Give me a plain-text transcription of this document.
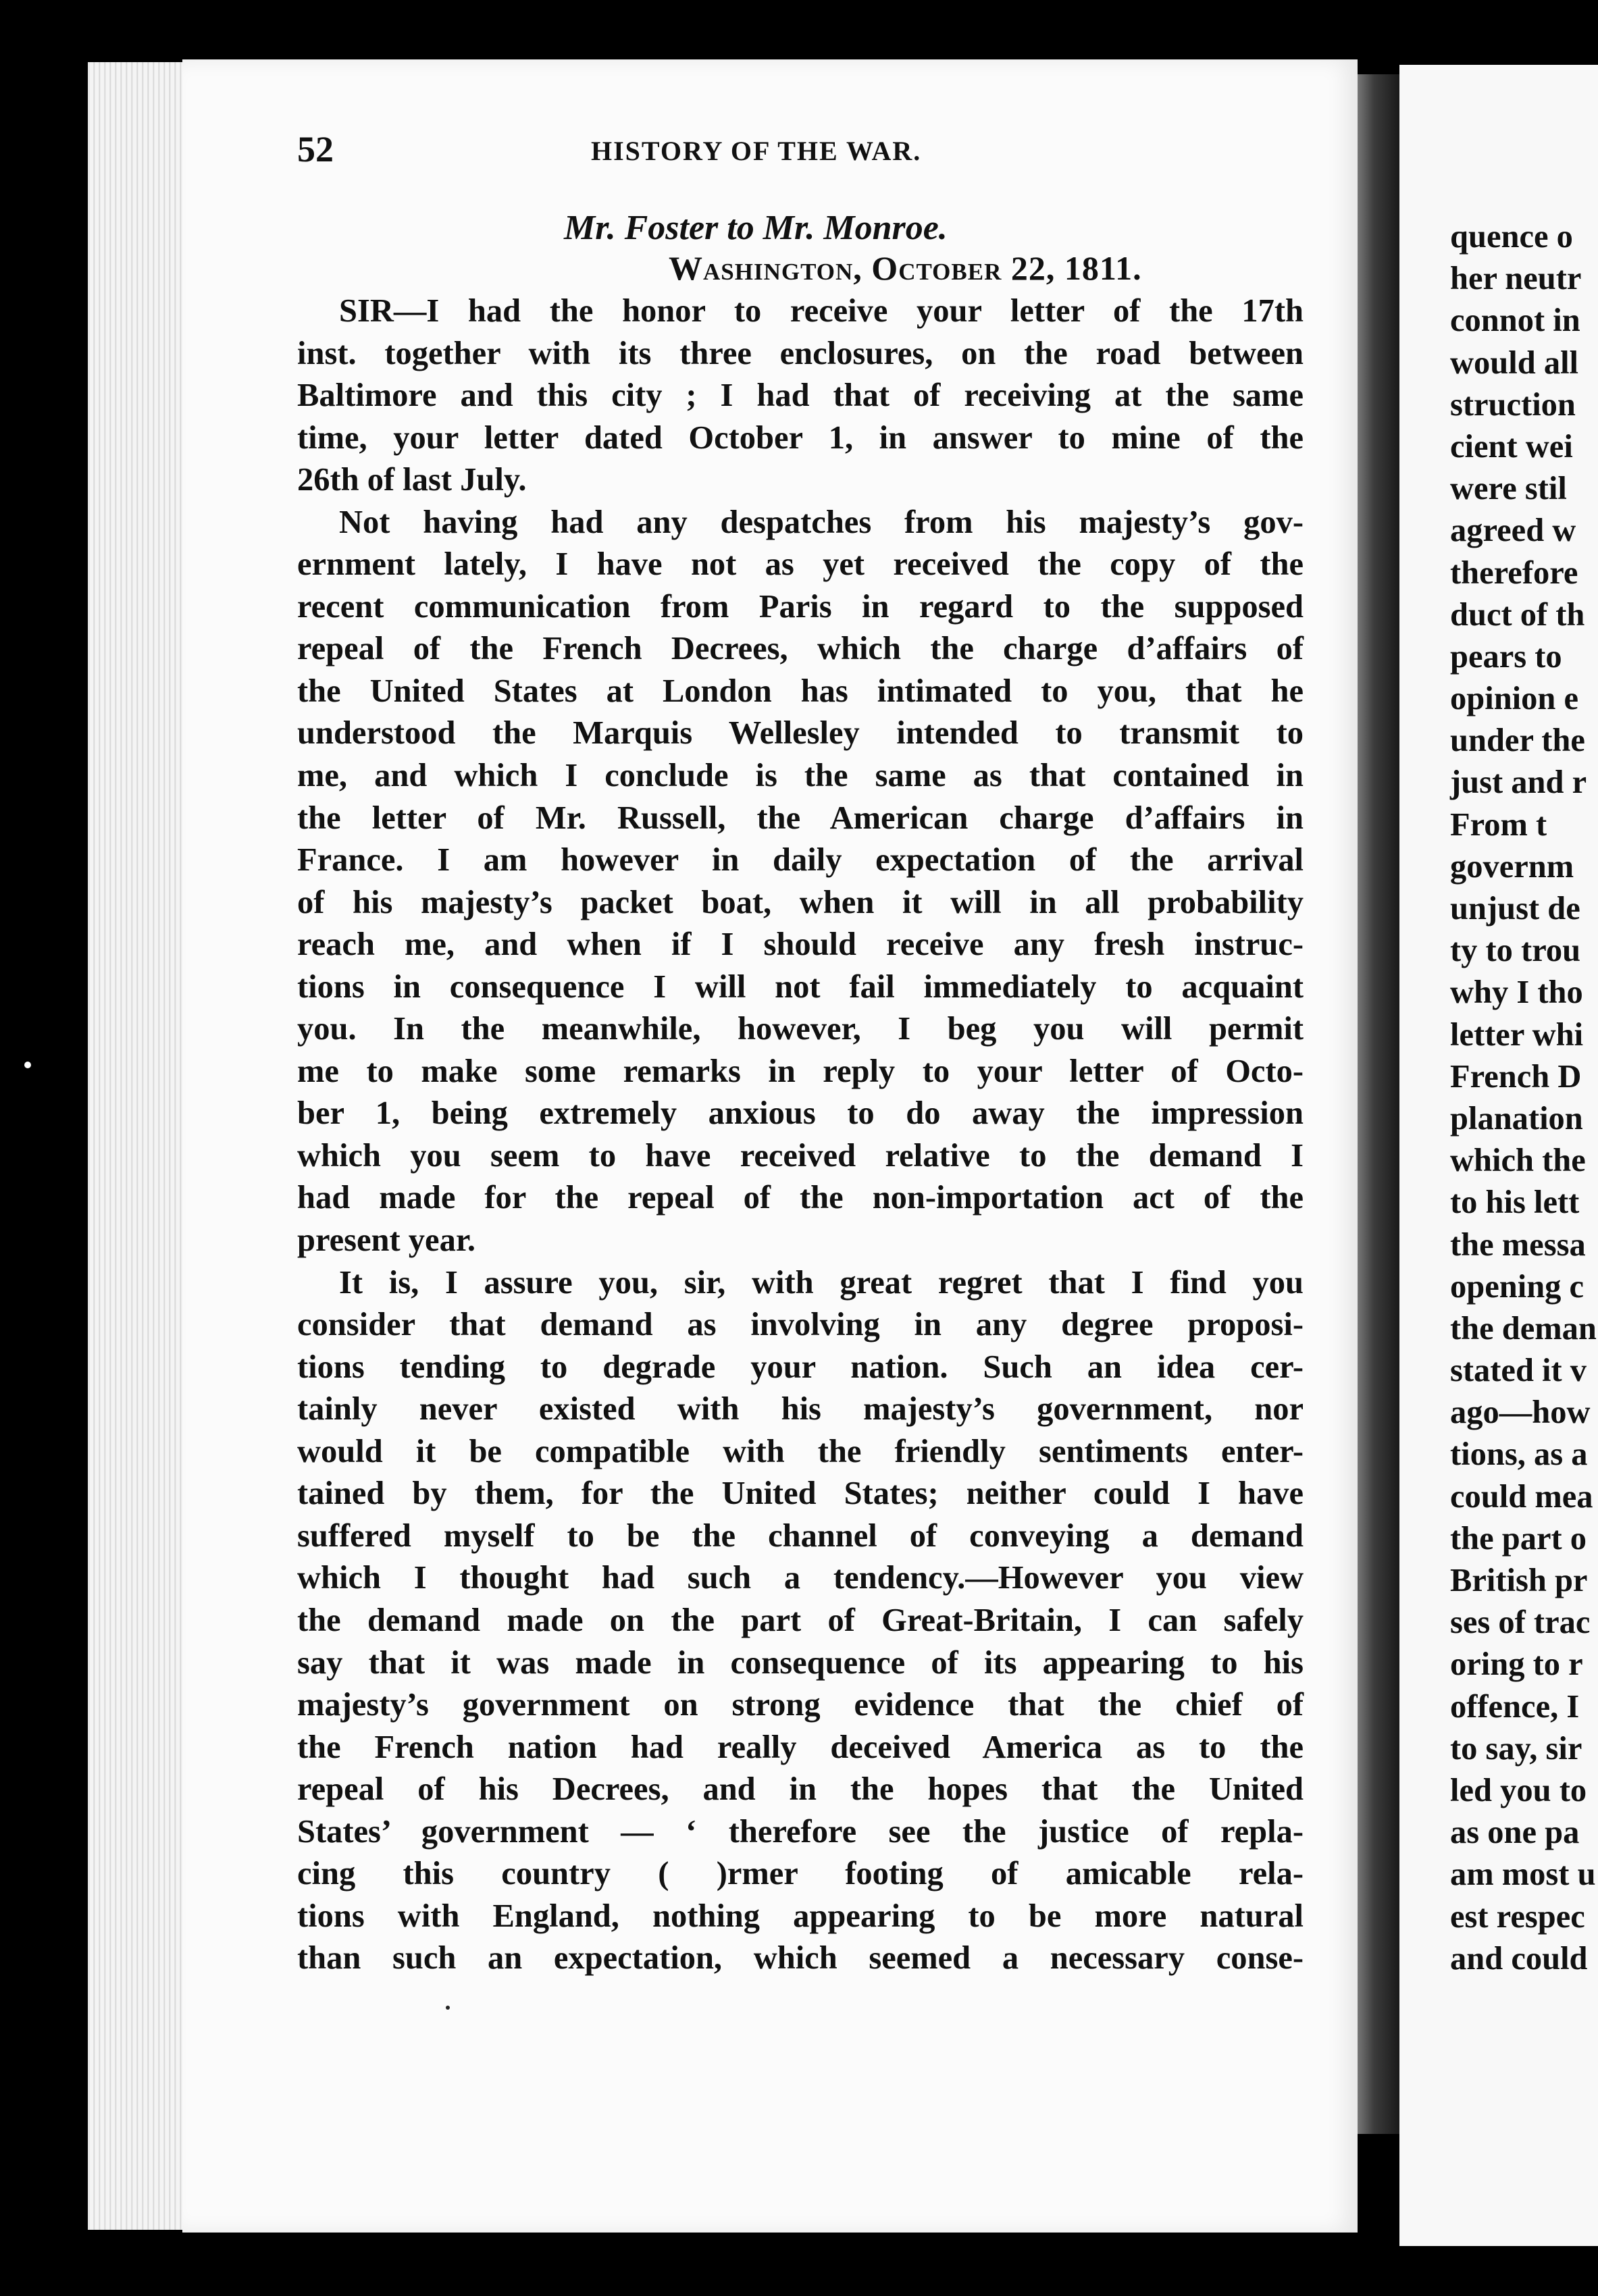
52	HISTORY OF THE WAR.
Mr. Foster to Mr. Monroe.
Washington, October 22, 1811.
SIR—I had the honor to receive your letter of the 17th
inst. together with its three enclosures, on the road between
Baltimore and this city ; I had that of receiving at the same
time, your letter dated October 1, in answer to mine of the
26th of last July.
Not having had any despatches from his majesty’s gov-
ernment lately, I have not as yet received the copy of the
recent communication from Paris in regard to the supposed
repeal of the French Decrees, which the charge d’affairs of
the United States at London has intimated to you, that he
understood the Marquis Wellesley intended to transmit to
me, and which I conclude is the same as that contained in
the letter of Mr. Russell, the American charge d’affairs in
France. I am however in daily expectation of the arrival
of his majesty’s packet boat, when it will in all probability
reach me, and when if I should receive any fresh instruc-
tions in consequence I will not fail immediately to acquaint
you. In the meanwhile, however, I beg you will permit
me to make some remarks in reply to your letter of Octo-
ber 1, being extremely anxious to do away the impression
which you seem to have received relative to the demand I
had made for the repeal of the non-importation act of the
present year.
It is, I assure you, sir, with great regret that I find you
consider that demand as involving in any degree proposi-
tions tending to degrade your nation. Such an idea cer-
tainly never existed with his majesty’s government, nor
would it be compatible with the friendly sentiments enter-
tained by them, for the United States; neither could I have
suffered myself to be the channel of conveying a demand
which I thought had such a tendency.—However you view
the demand made on the part of Great-Britain, I can safely
say that it was made in consequence of its appearing to his
majesty’s government on strong evidence that the chief of
the French nation had really deceived America as to the
repeal of his Decrees, and in the hopes that the United
States’ government — ‘ therefore see the justice of repla-
cing this country ( )rmer footing of amicable rela-
tions with England, nothing appearing to be more natural
than such an expectation, which seemed a necessary conse-
quence o
her neutr
connot in
would all
struction
cient wei
were stil
agreed w
therefore
duct of th
pears to
opinion e
under the
just and r
From t
governm
unjust de
ty to trou
why I tho
letter whi
French D
planation
which the
to his lett
the messa
opening c
the deman
stated it v
ago—how
tions, as a
could mea
the part o
British pr
ses of trac
oring to r
offence, I
to say, sir
led you to
as one pa
am most u
est respec
and could
